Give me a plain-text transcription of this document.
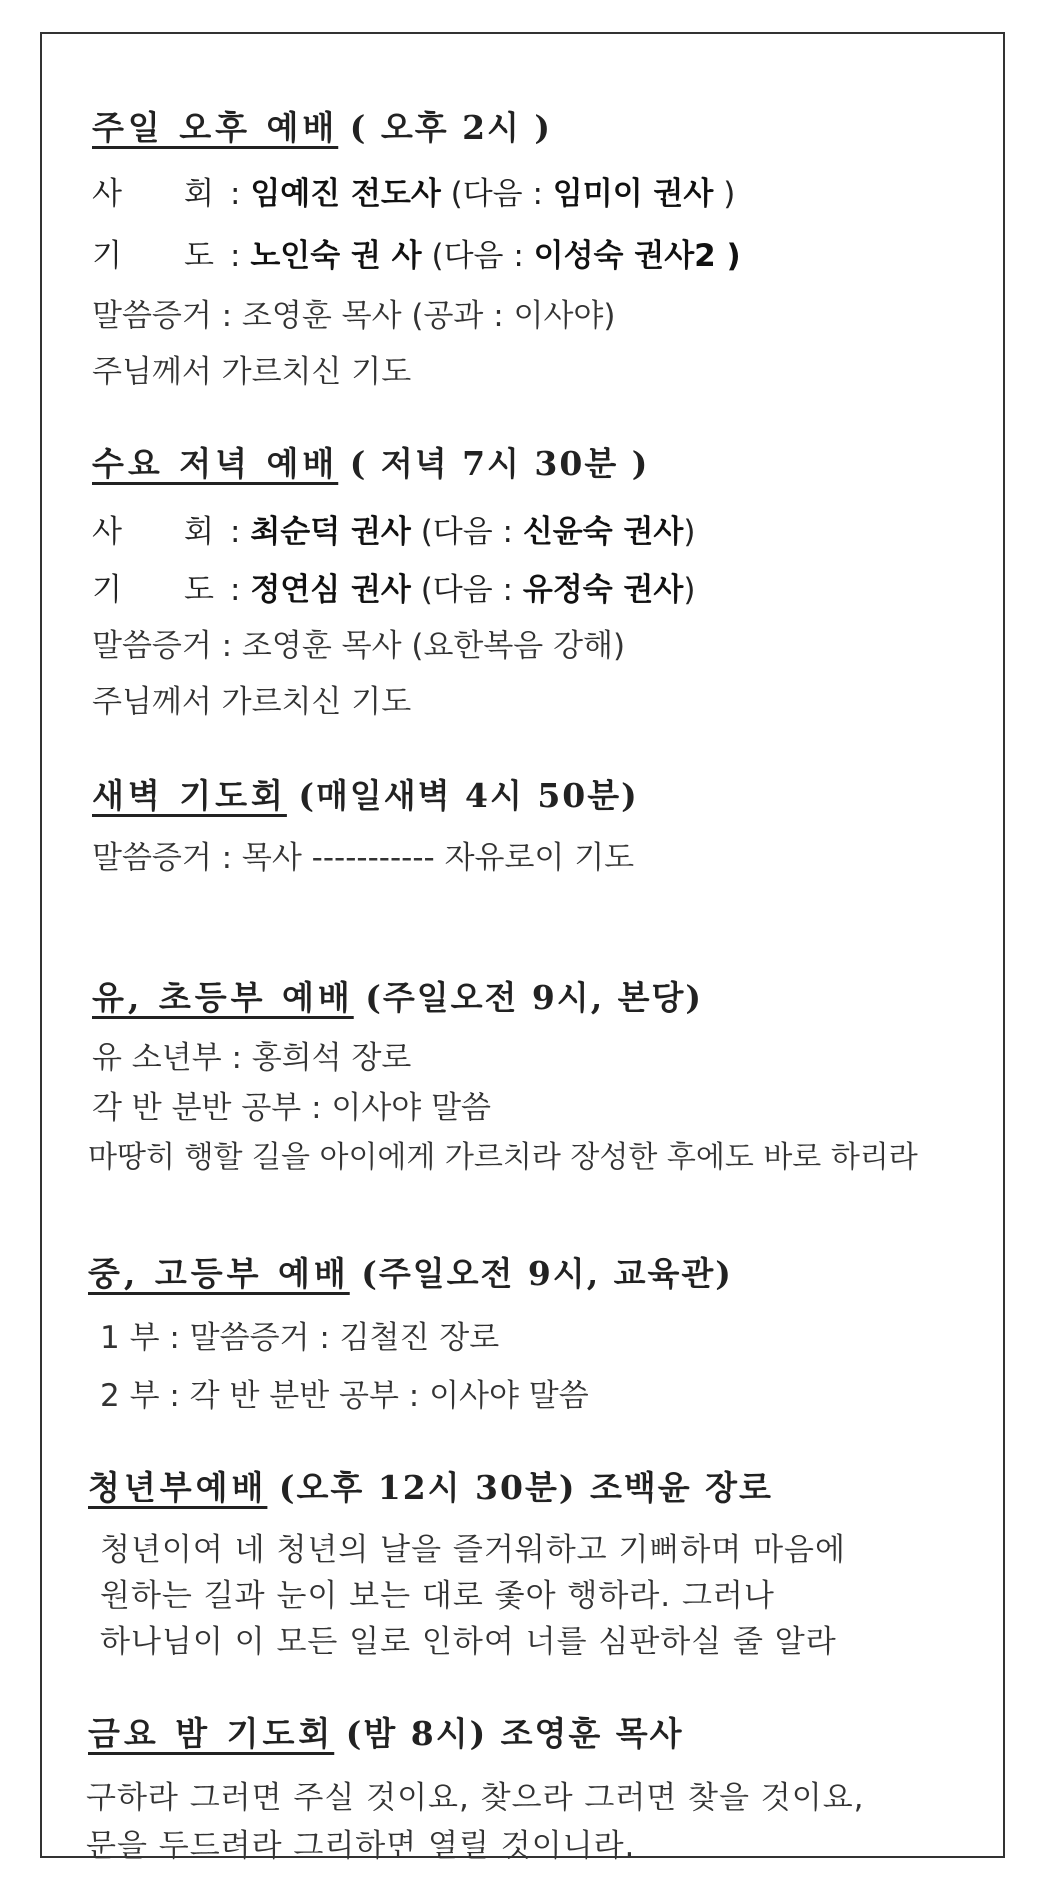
주일 오후 예배 ( 오후 2시 )
사　　회 : 임예진 전도사 (다음 : 임미이 권사 )
기　　도 : 노인숙 권 사 (다음 : 이성숙 권사2 )
말씀증거 : 조영훈 목사 (공과 : 이사야)
주님께서 가르치신 기도
수요 저녁 예배 ( 저녁 7시 30분 )
사　　회 : 최순덕 권사 (다음 : 신윤숙 권사)
기　　도 : 정연심 권사 (다음 : 유정숙 권사)
말씀증거 : 조영훈 목사 (요한복음 강해)
주님께서 가르치신 기도
새벽 기도회 (매일새벽 4시 50분)
말씀증거 : 목사 ----------- 자유로이 기도
유, 초등부 예배 (주일오전 9시, 본당)
유 소년부 : 홍희석 장로
각 반 분반 공부 : 이사야 말씀
마땅히 행할 길을 아이에게 가르치라 장성한 후에도 바로 하리라
중, 고등부 예배 (주일오전 9시, 교육관)
1 부 : 말씀증거 : 김철진 장로
2 부 : 각 반 분반 공부 : 이사야 말씀
청년부예배 (오후 12시 30분) 조백윤 장로
청년이여 네 청년의 날을 즐거워하고 기뻐하며 마음에
원하는 길과 눈이 보는 대로 좇아 행하라. 그러나
하나님이 이 모든 일로 인하여 너를 심판하실 줄 알라
금요 밤 기도회 (밤 8시) 조영훈 목사
구하라 그러면 주실 것이요, 찾으라 그러면 찾을 것이요,
문을 두드려라 그리하면 열릴 것이니라.
